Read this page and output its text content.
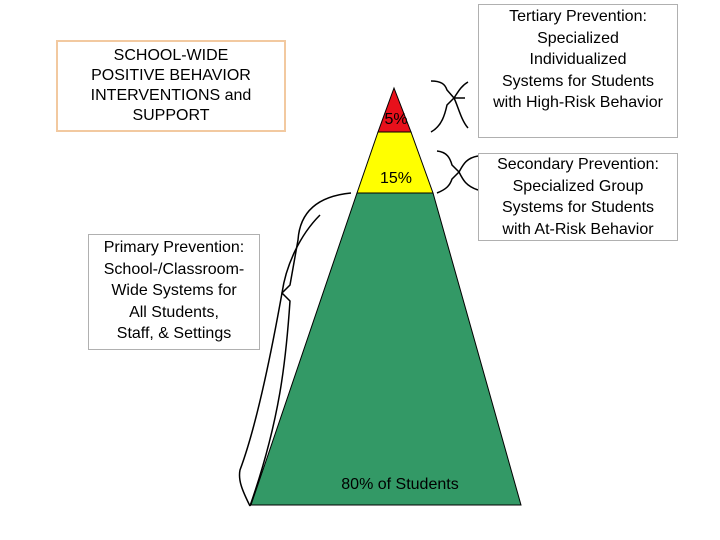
SCHOOL-WIDE
POSITIVE BEHAVIOR
INTERVENTIONS and
SUPPORT	5%
15%
80% of Students
Tertiary Prevention:
Specialized
Individualized
Systems for Students
with High-Risk Behavior
Secondary Prevention:
Specialized Group
Systems for Students
with At-Risk Behavior
Primary Prevention:
School-/Classroom-
Wide Systems for
All Students,
Staff, & Settings
